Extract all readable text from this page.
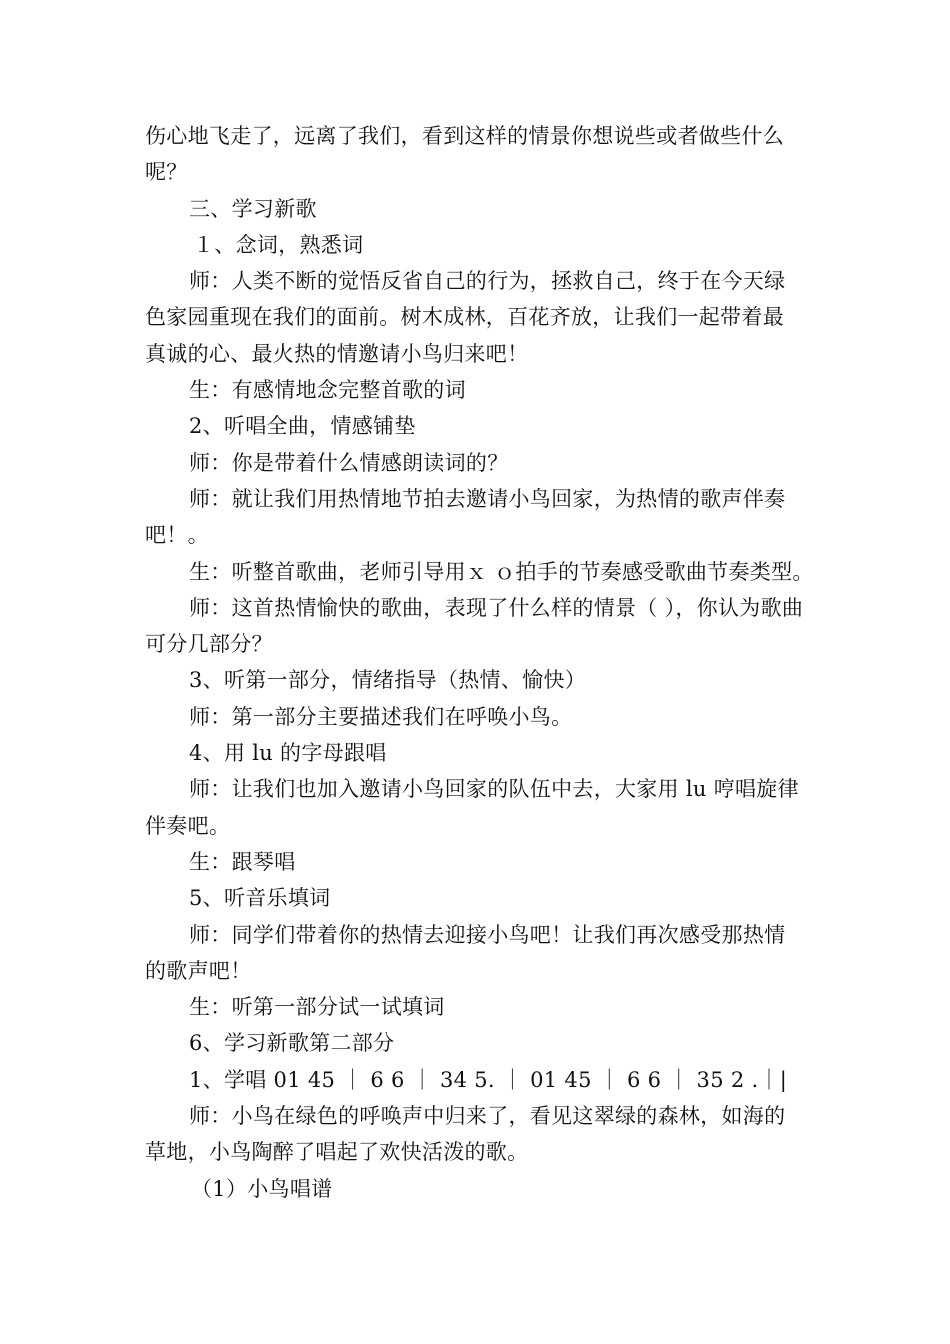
伤心地飞走了，远离了我们，看到这样的情景你想说些或者做些什么
呢？
三、学习新歌
１、念词，熟悉词
师：人类不断的觉悟反省自己的行为，拯救自己，终于在今天绿
色家园重现在我们的面前。树木成林，百花齐放，让我们一起带着最
真诚的心、最火热的情邀请小鸟归来吧！
生：有感情地念完整首歌的词
2、听唱全曲，情感铺垫
师：你是带着什么情感朗读词的？
师：就让我们用热情地节拍去邀请小鸟回家，为热情的歌声伴奏
吧！。
生：听整首歌曲，老师引导用ｘ ｏ拍手的节奏感受歌曲节奏类型。
师：这首热情愉快的歌曲，表现了什么样的情景（ ），你认为歌曲
可分几部分？
3、听第一部分，情绪指导（热情、愉快）
师：第一部分主要描述我们在呼唤小鸟。
4、用 lu 的字母跟唱
师：让我们也加入邀请小鸟回家的队伍中去，大家用 lu 哼唱旋律
伴奏吧。
生：跟琴唱
5、听音乐填词
师：同学们带着你的热情去迎接小鸟吧！让我们再次感受那热情
的歌声吧！
生：听第一部分试一试填词
6、学习新歌第二部分
1、学唱 01 45 ｜ 6 6 ｜ 34 5. ｜ 01 45 ｜ 6 6 ｜ 35 2 .｜|
师：小鸟在绿色的呼唤声中归来了，看见这翠绿的森林，如海的
草地，小鸟陶醉了唱起了欢快活泼的歌。
（1）小鸟唱谱
